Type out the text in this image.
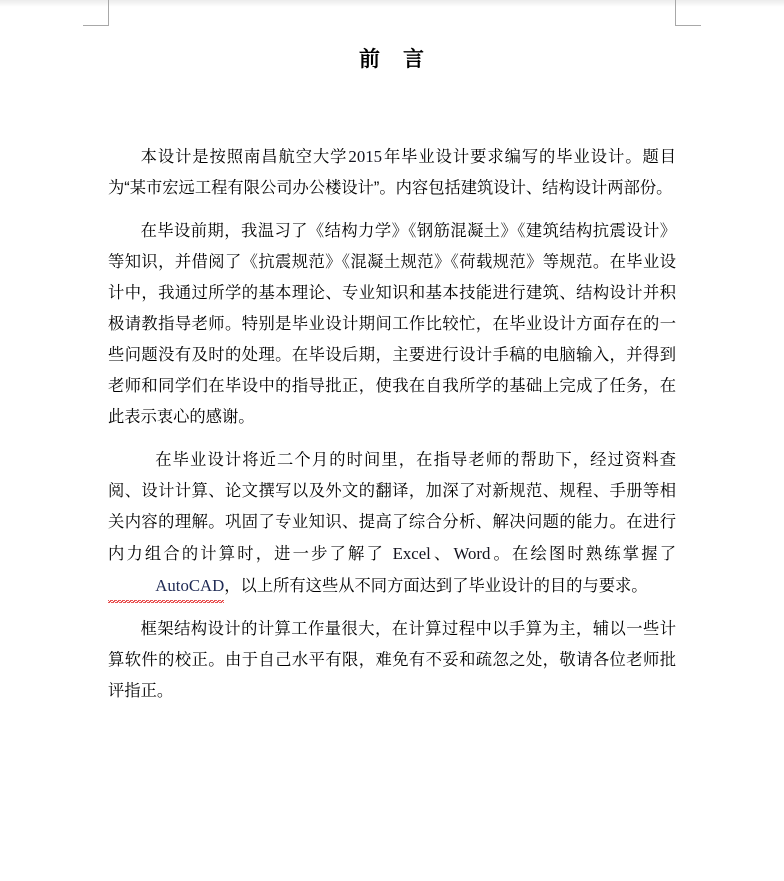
前　言

本设计是按照南昌航空大学2015年毕业设计要求编写的毕业设计。题目为“某市宏远工程有限公司办公楼设计”。内容包括建筑设计、结构设计两部份。

在毕设前期，我温习了《结构力学》《钢筋混凝土》《建筑结构抗震设计》等知识，并借阅了《抗震规范》《混凝土规范》《荷载规范》等规范。在毕业设计中，我通过所学的基本理论、专业知识和基本技能进行建筑、结构设计并积极请教指导老师。特别是毕业设计期间工作比较忙，在毕业设计方面存在的一些问题没有及时的处理。在毕设后期，主要进行设计手稿的电脑输入，并得到老师和同学们在毕设中的指导批正，使我在自我所学的基础上完成了任务，在此表示衷心的感谢。

在毕业设计将近二个月的时间里，在指导老师的帮助下，经过资料查阅、设计计算、论文撰写以及外文的翻译，加深了对新规范、规程、手册等相关内容的理解。巩固了专业知识、提高了综合分析、解决问题的能力。在进行内力组合的计算时，进一步了解了 Excel、Word。在绘图时熟练掌握了 AutoCAD，以上所有这些从不同方面达到了毕业设计的目的与要求。

框架结构设计的计算工作量很大，在计算过程中以手算为主，辅以一些计算软件的校正。由于自己水平有限，难免有不妥和疏忽之处，敬请各位老师批评指正。
